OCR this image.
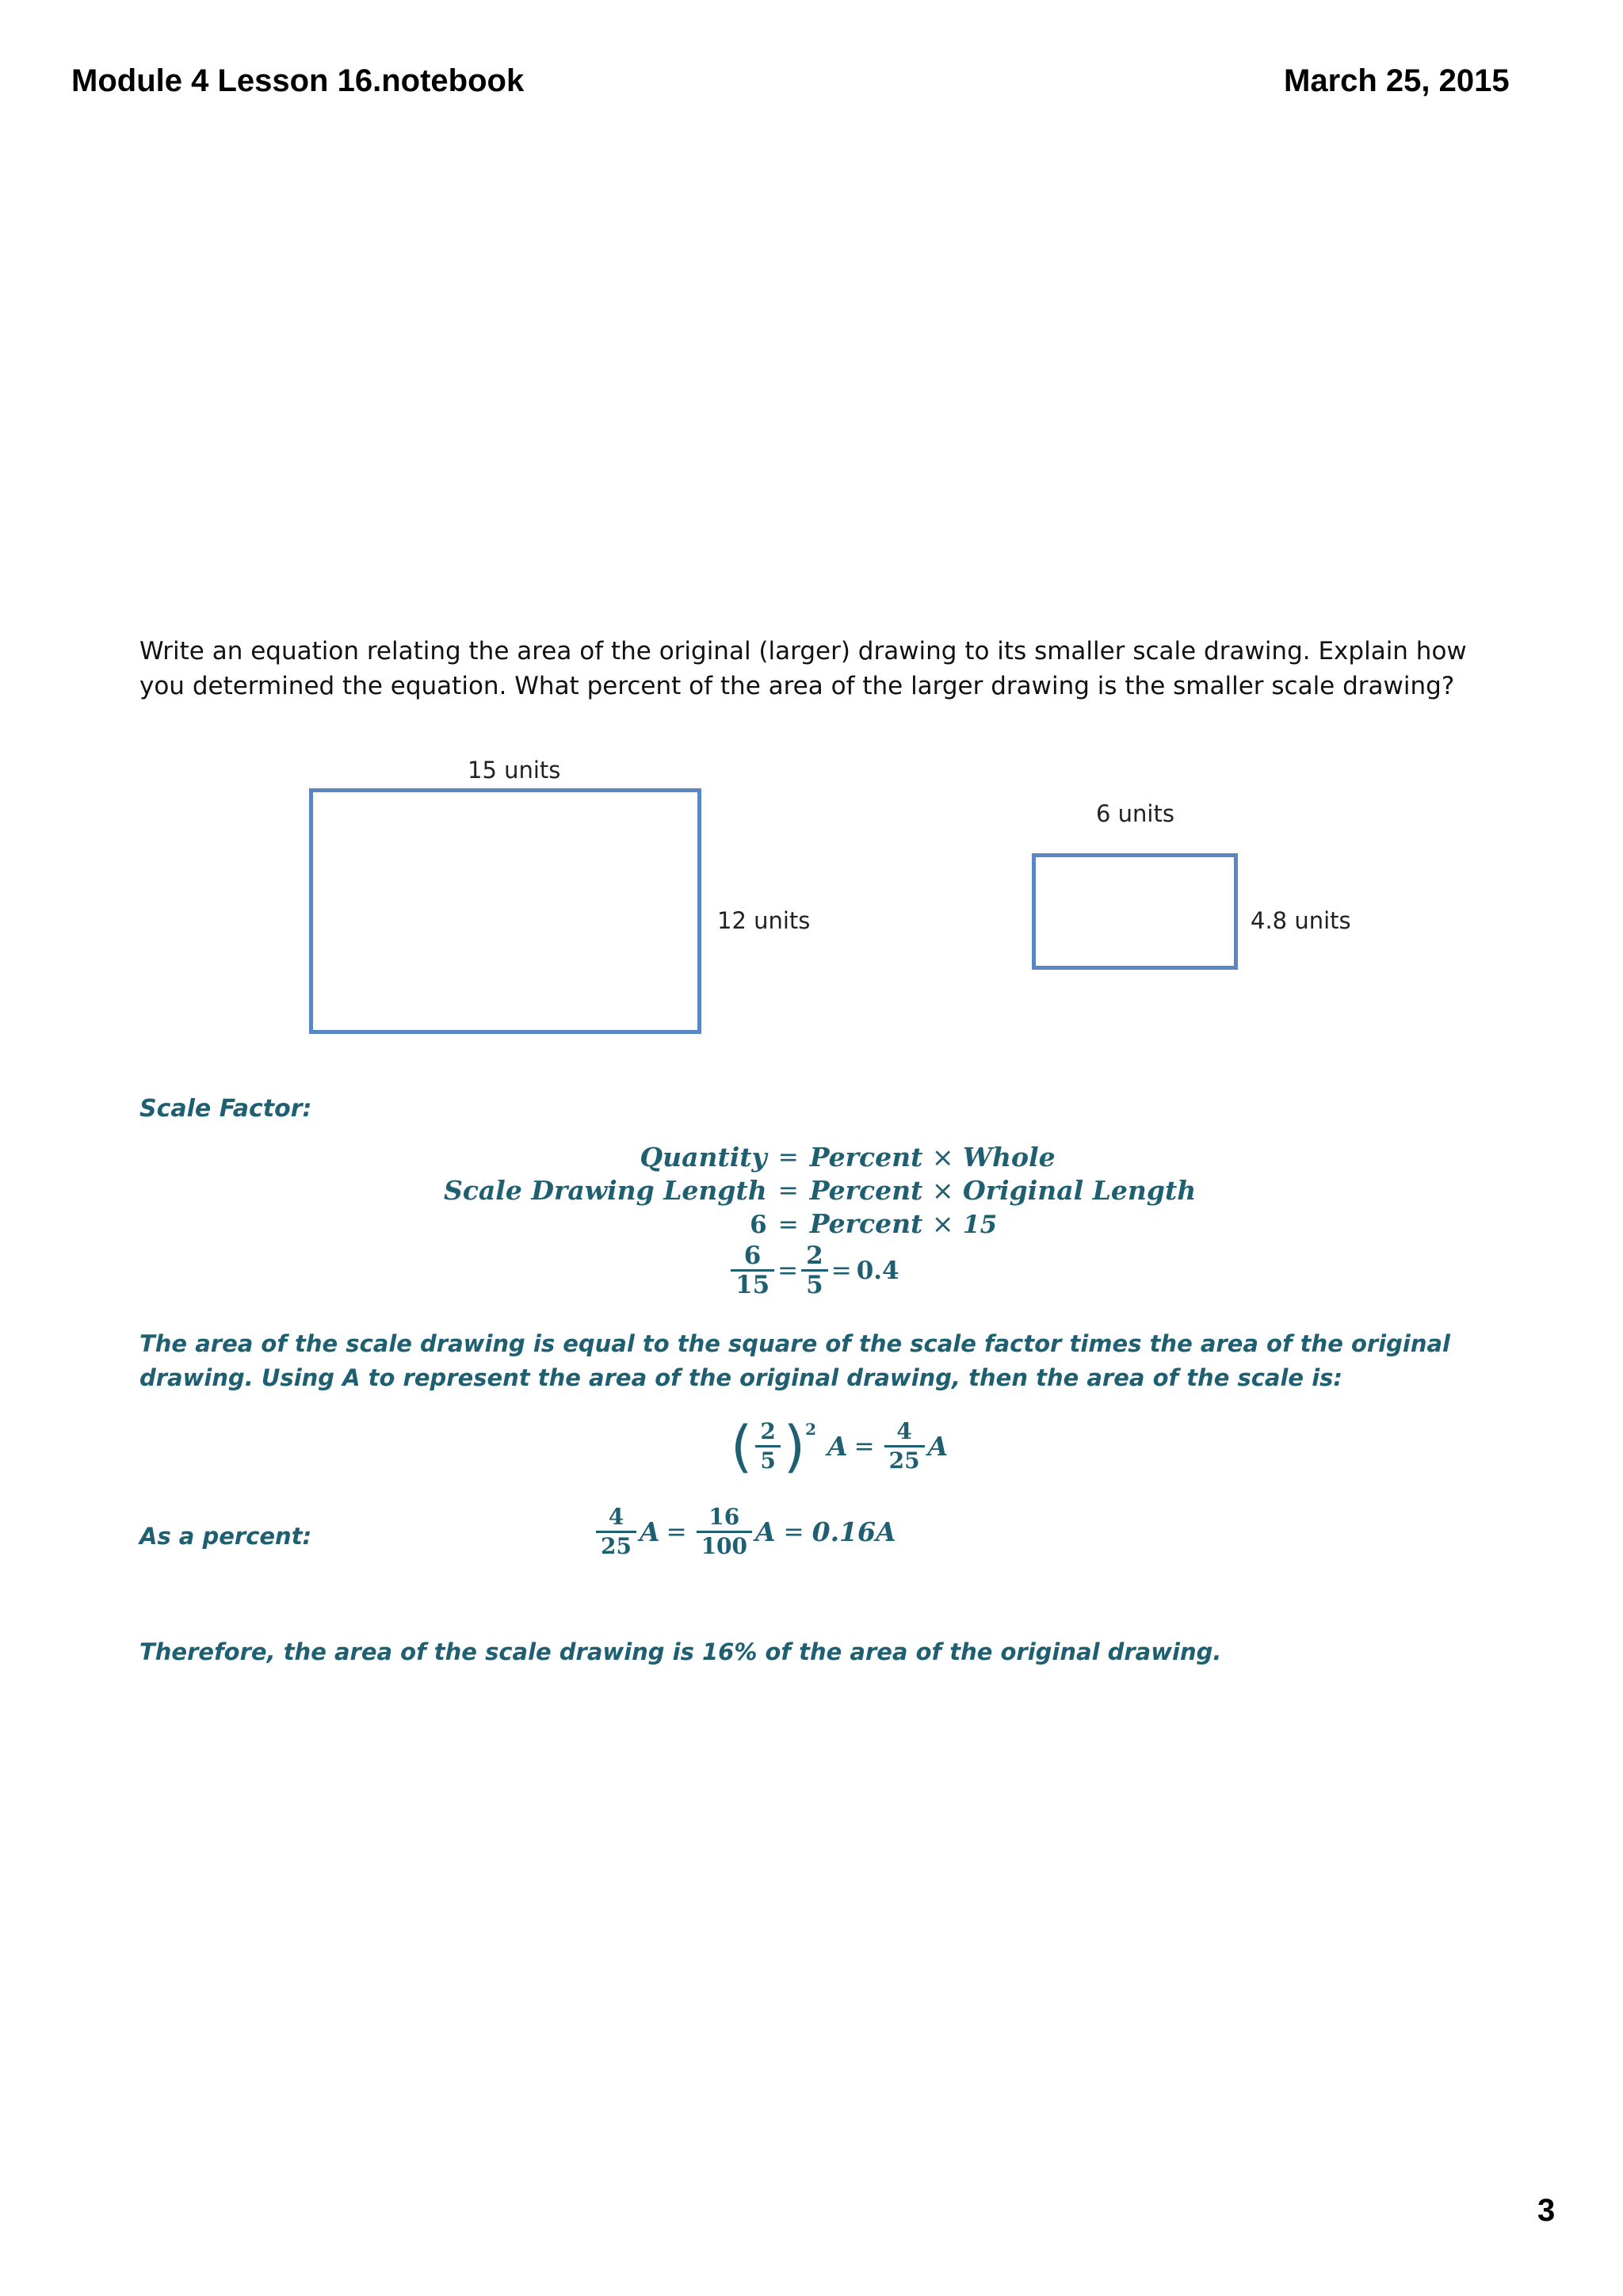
Module 4 Lesson 16.notebook	March 25, 2015
Write an equation relating the area of the original (larger) drawing to its smaller scale drawing. Explain how you determined the equation. What percent of the area of the larger drawing is the smaller scale drawing?
15 units
12 units
6 units
4.8 units
Scale Factor:
Quantity	=	Percent × Whole
Scale Drawing Length	=	Percent × Original Length
6	=	Percent × 15
$\frac{6}{15} = \frac{2}{5} = 0.4$
The area of the scale drawing is equal to the square of the scale factor times the area of the original drawing. Using A to represent the area of the original drawing, then the area of the scale is:
( $\frac{2}{5}$ ) 2
$A = \frac{4}{25}$ A
As a percent:	$\frac{4}{25}$ $A = \frac{16}{100}$ A = 0.16A
Therefore, the area of the scale drawing is 16% of the area of the original drawing.
3
